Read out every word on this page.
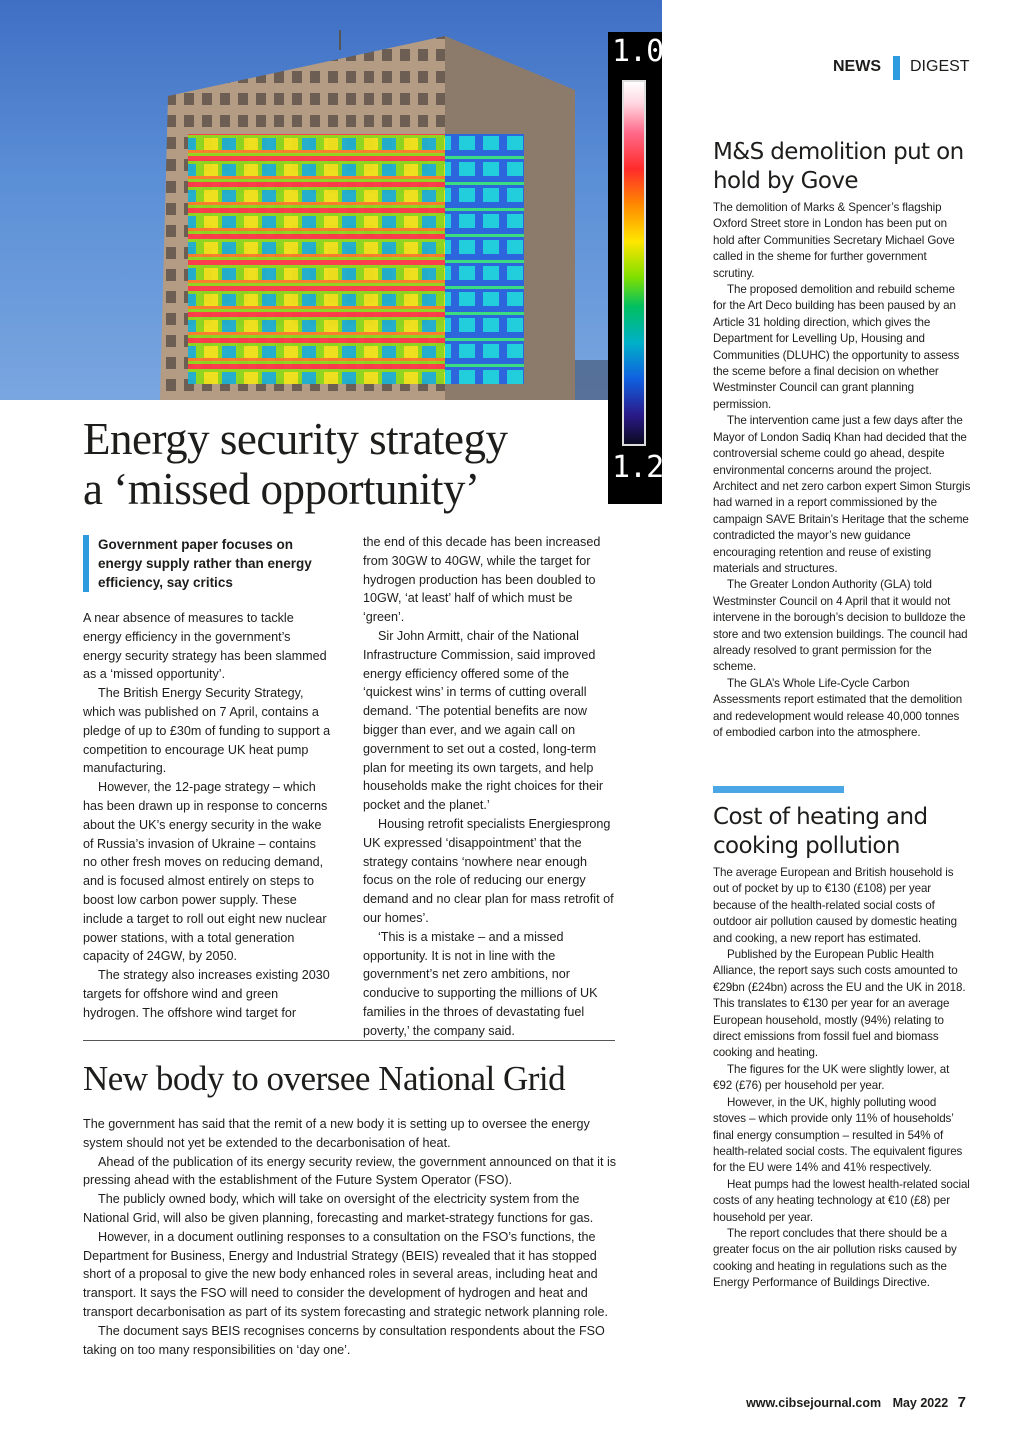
1.0
1.2
NEWS DIGEST
Energy security strategy
a ‘missed opportunity’
Government paper focuses on energy supply rather than energy efficiency, say critics

A near absence of measures to tackle energy efficiency in the government’s energy security strategy has been slammed as a ‘missed opportunity’.

The British Energy Security Strategy, which was published on 7 April, contains a pledge of up to £30m of funding to support a competition to encourage UK heat pump manufacturing.

However, the 12-page strategy – which has been drawn up in response to concerns about the UK’s energy security in the wake of Russia’s invasion of Ukraine – contains no other fresh moves on reducing demand, and is focused almost entirely on steps to boost low carbon power supply. These include a target to roll out eight new nuclear power stations, with a total generation capacity of 24GW, by 2050.

The strategy also increases existing 2030 targets for offshore wind and green hydrogen. The offshore wind target for

the end of this decade has been increased from 30GW to 40GW, while the target for hydrogen production has been doubled to 10GW, ‘at least’ half of which must be ‘green’.

Sir John Armitt, chair of the National Infrastructure Commission, said improved energy efficiency offered some of the ‘quickest wins’ in terms of cutting overall demand. ‘The potential benefits are now bigger than ever, and we again call on government to set out a costed, long-term plan for meeting its own targets, and help households make the right choices for their pocket and the planet.’

Housing retrofit specialists Energiesprong UK expressed ‘disappointment’ that the strategy contains ‘nowhere near enough focus on the role of reducing our energy demand and no clear plan for mass retrofit of our homes’.

‘This is a mistake – and a missed opportunity. It is not in line with the government’s net zero ambitions, nor conducive to supporting the millions of UK families in the throes of devastating fuel poverty,’ the company said.

New body to oversee National Grid

The government has said that the remit of a new body it is setting up to oversee the energy system should not yet be extended to the decarbonisation of heat.

Ahead of the publication of its energy security review, the government announced on that it is pressing ahead with the establishment of the Future System Operator (FSO).

The publicly owned body, which will take on oversight of the electricity system from the National Grid, will also be given planning, forecasting and market-strategy functions for gas.

However, in a document outlining responses to a consultation on the FSO’s functions, the Department for Business, Energy and Industrial Strategy (BEIS) revealed that it has stopped short of a proposal to give the new body enhanced roles in several areas, including heat and transport. It says the FSO will need to consider the development of hydrogen and heat and transport decarbonisation as part of its system forecasting and strategic network planning role.

The document says BEIS recognises concerns by consultation respondents about the FSO taking on too many responsibilities on ‘day one’.

M&S demolition put on hold by Gove

The demolition of Marks & Spencer’s flagship Oxford Street store in London has been put on hold after Communities Secretary Michael Gove called in the sheme for further government scrutiny.

The proposed demolition and rebuild scheme for the Art Deco building has been paused by an Article 31 holding direction, which gives the Department for Levelling Up, Housing and Communities (DLUHC) the opportunity to assess the sceme before a final decision on whether Westminster Council can grant planning permission.

The intervention came just a few days after the Mayor of London Sadiq Khan had decided that the controversial scheme could go ahead, despite environmental concerns around the project. Architect and net zero carbon expert Simon Sturgis had warned in a report commissioned by the campaign SAVE Britain’s Heritage that the scheme contradicted the mayor’s new guidance encouraging retention and reuse of existing materials and structures.

The Greater London Authority (GLA) told Westminster Council on 4 April that it would not intervene in the borough’s decision to bulldoze the store and two extension buildings. The council had already resolved to grant permission for the scheme.

The GLA’s Whole Life-Cycle Carbon Assessments report estimated that the demolition and redevelopment would release 40,000 tonnes of embodied carbon into the atmosphere.

Cost of heating and cooking pollution

The average European and British household is out of pocket by up to €130 (£108) per year because of the health-related social costs of outdoor air pollution caused by domestic heating and cooking, a new report has estimated.

Published by the European Public Health Alliance, the report says such costs amounted to €29bn (£24bn) across the EU and the UK in 2018. This translates to €130 per year for an average European household, mostly (94%) relating to direct emissions from fossil fuel and biomass cooking and heating.

The figures for the UK were slightly lower, at €92 (£76) per household per year.

However, in the UK, highly polluting wood stoves – which provide only 11% of households’ final energy consumption – resulted in 54% of health-related social costs. The equivalent figures for the EU were 14% and 41% respectively.

Heat pumps had the lowest health-related social costs of any heating technology at €10 (£8) per household per year.

The report concludes that there should be a greater focus on the air pollution risks caused by cooking and heating in regulations such as the Energy Performance of Buildings Directive.

www.cibsejournal.com May 2022 7
